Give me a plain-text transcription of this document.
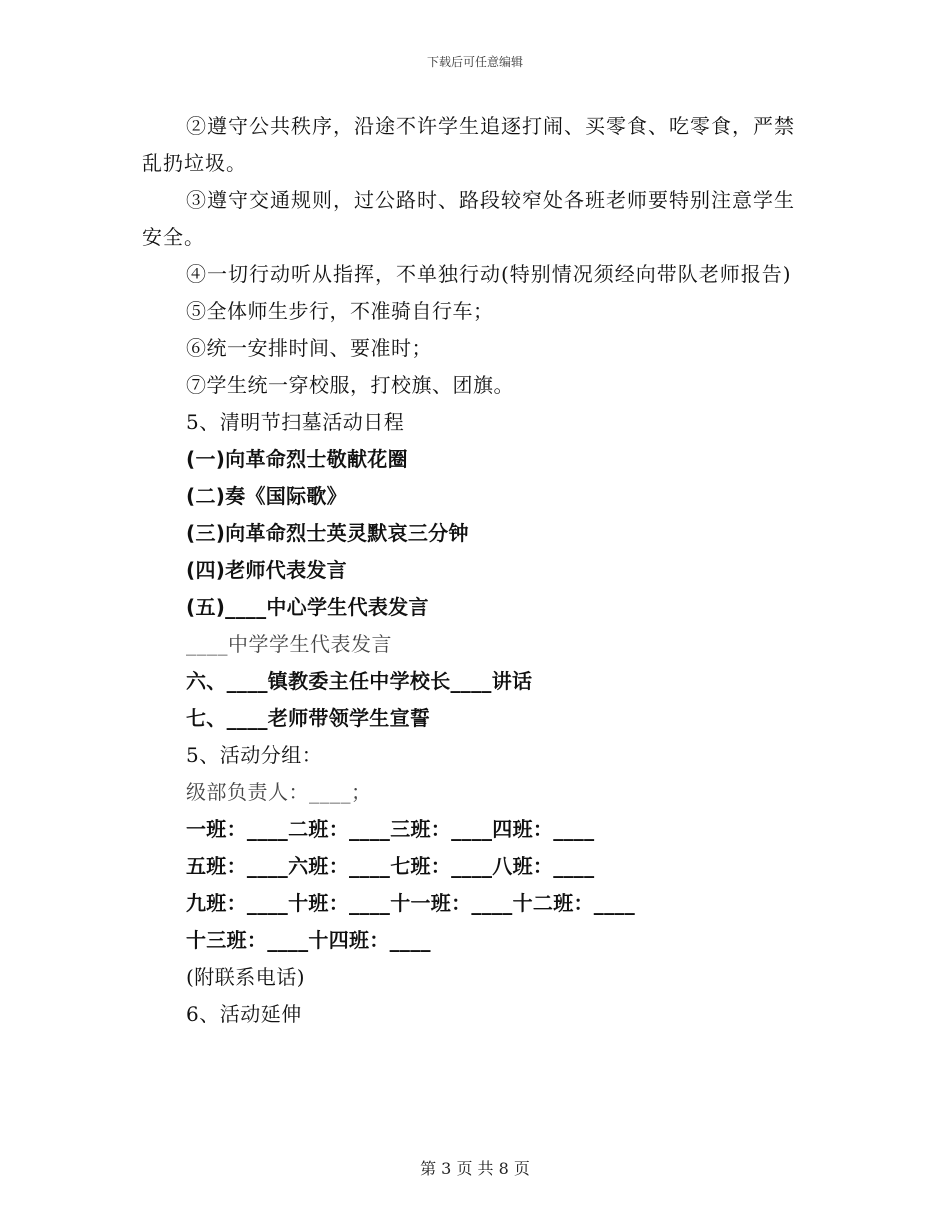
下载后可任意编辑

②遵守公共秩序，沿途不许学生追逐打闹、买零食、吃零食，严禁乱扔垃圾。

③遵守交通规则，过公路时、路段较窄处各班老师要特别注意学生安全。

④一切行动听从指挥，不单独行动(特别情况须经向带队老师报告)

⑤全体师生步行，不准骑自行车；

⑥统一安排时间、要准时；

⑦学生统一穿校服，打校旗、团旗。

5、清明节扫墓活动日程

(一)向革命烈士敬献花圈

(二)奏《国际歌》

(三)向革命烈士英灵默哀三分钟

(四)老师代表发言

(五)____中心学生代表发言

____中学学生代表发言

六、____镇教委主任中学校长____讲话

七、____老师带领学生宣誓

5、活动分组：

级部负责人：____；

一班：____二班：____三班：____四班：____

五班：____六班：____七班：____八班：____

九班：____十班：____十一班：____十二班：____

十三班：____十四班：____

(附联系电话)

6、活动延伸

第 3 页 共 8 页
